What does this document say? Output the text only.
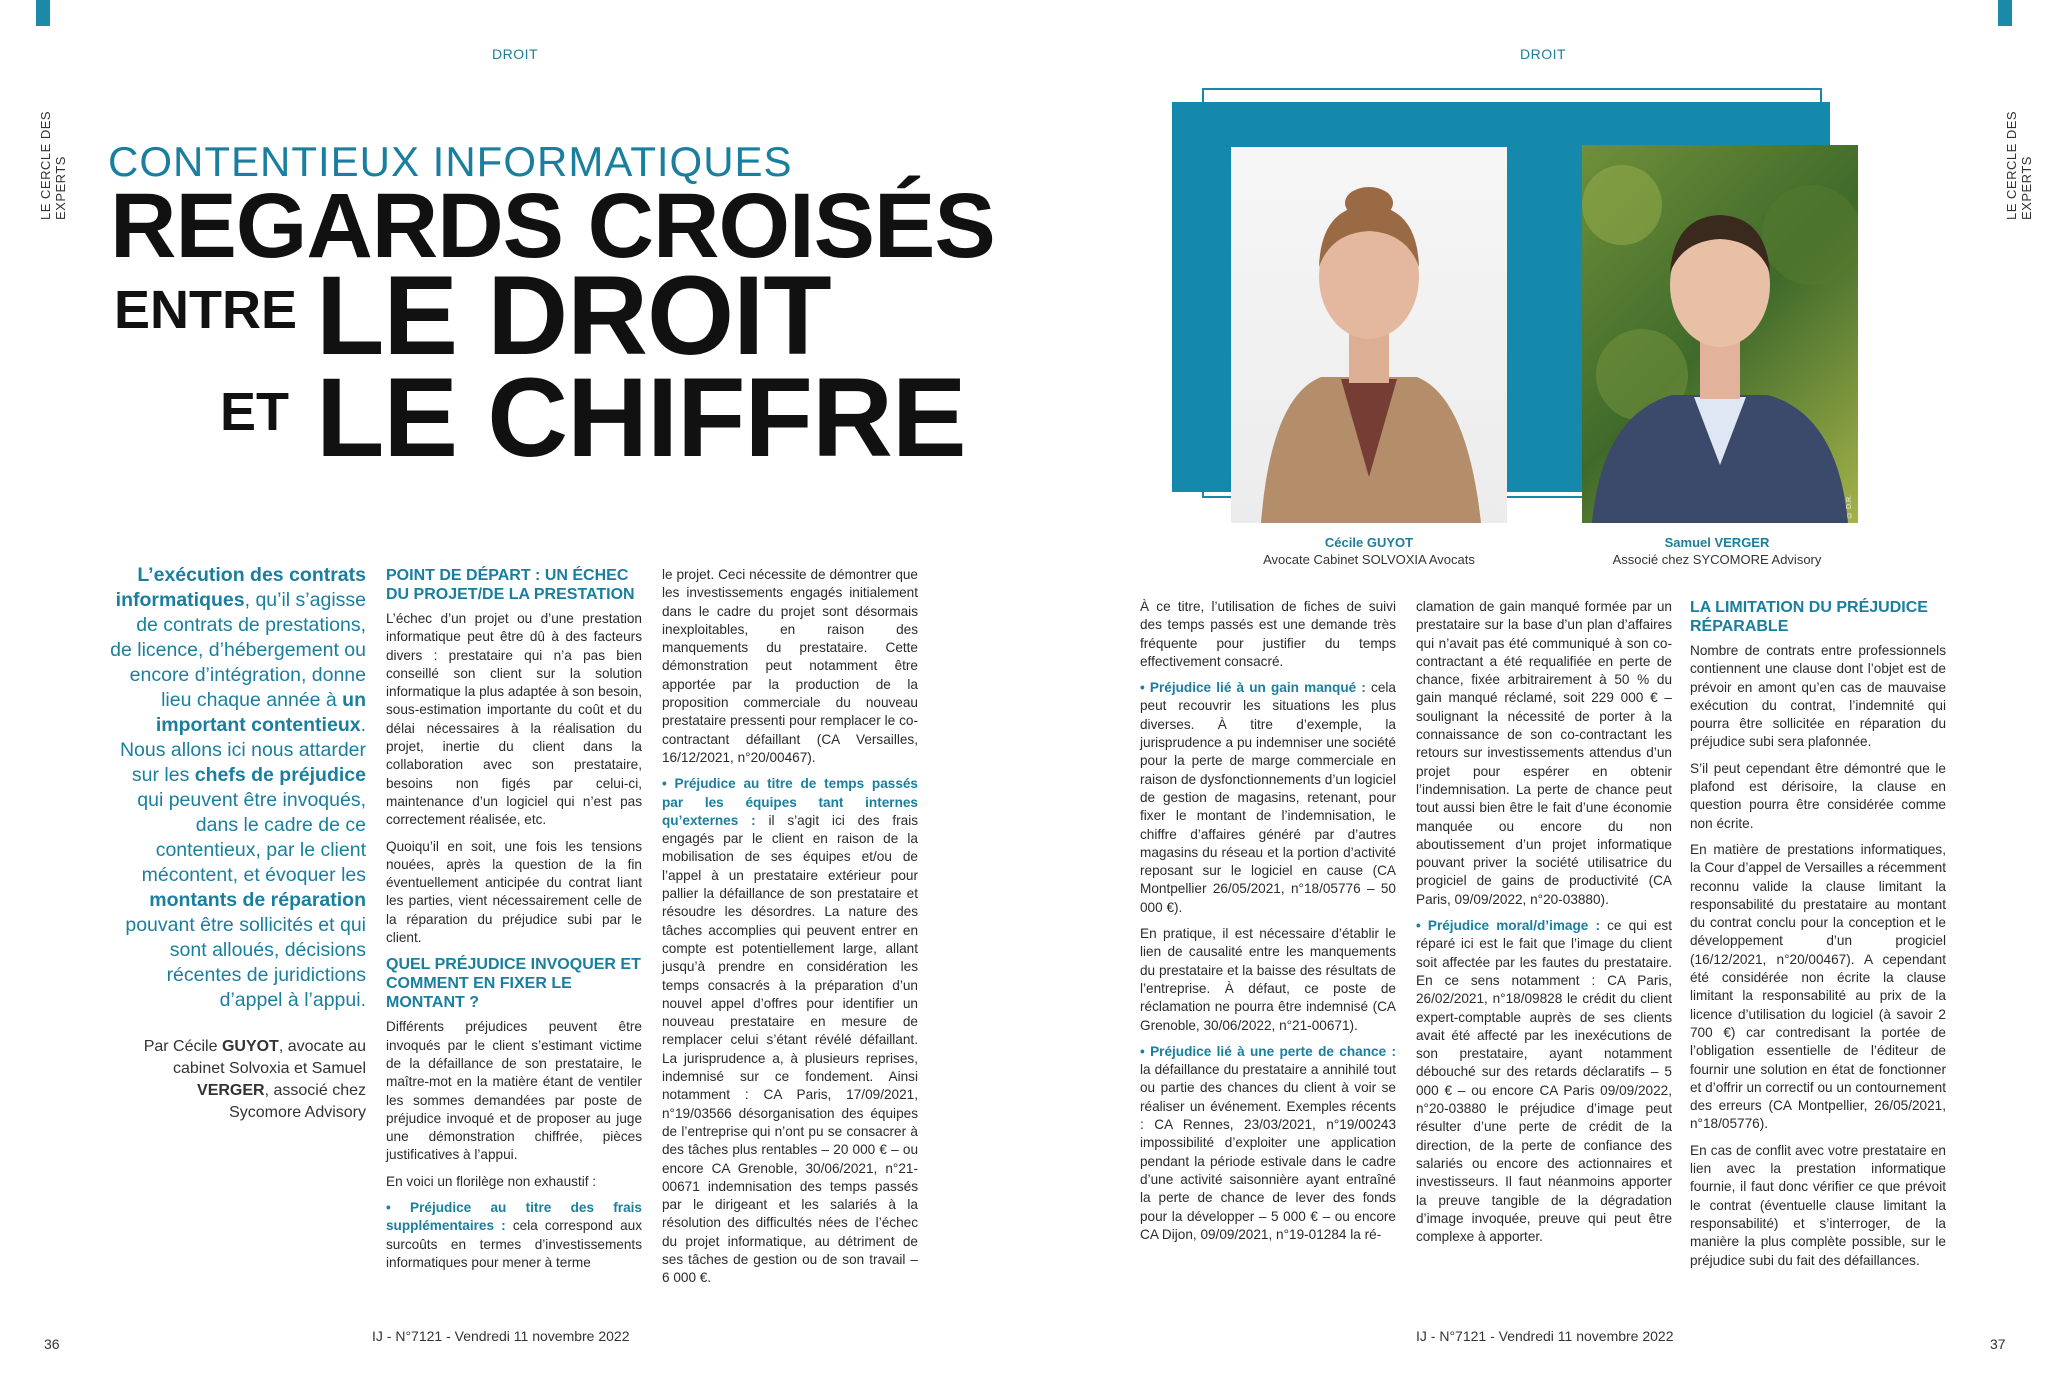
DROIT	DROIT
LE CERCLE DES EXPERTS	LE CERCLE DES EXPERTS
CONTENTIEUX INFORMATIQUES
REGARDS CROISÉS
ENTRE LE DROIT
ET LE CHIFFRE
L’exécution des contrats informatiques, qu’il s’agisse de contrats de prestations, de licence, d’hébergement ou encore d’intégration, donne lieu chaque année à un important contentieux. Nous allons ici nous attarder sur les chefs de préjudice qui peuvent être invoqués, dans le cadre de ce contentieux, par le client mécontent, et évoquer les montants de réparation pouvant être sollicités et qui sont alloués, décisions récentes de juridictions d’appel à l’appui.
Par Cécile GUYOT, avocate au cabinet Solvoxia et Samuel VERGER, associé chez Sycomore Advisory
POINT DE DÉPART : UN ÉCHEC DU PROJET/DE LA PRESTATION

L’échec d’un projet ou d’une prestation informatique peut être dû à des facteurs divers : prestataire qui n’a pas bien conseillé son client sur la solution informatique la plus adaptée à son besoin, sous-estimation importante du coût et du délai nécessaires à la réalisation du projet, inertie du client dans la collaboration avec son prestataire, besoins non figés par celui-ci, maintenance d’un logiciel qui n’est pas correctement réalisée, etc.

Quoiqu’il en soit, une fois les tensions nouées, après la question de la fin éventuellement anticipée du contrat liant les parties, vient nécessairement celle de la réparation du préjudice subi par le client.

QUEL PRÉJUDICE INVOQUER ET COMMENT EN FIXER LE MONTANT ?

Différents préjudices peuvent être invoqués par le client s’estimant victime de la défaillance de son prestataire, le maître-mot en la matière étant de ventiler les sommes demandées par poste de préjudice invoqué et de proposer au juge une démonstration chiffrée, pièces justificatives à l’appui.

En voici un florilège non exhaustif :

• Préjudice au titre des frais supplémentaires : cela correspond aux surcoûts en termes d’investissements informatiques pour mener à terme

le projet. Ceci nécessite de démontrer que les investissements engagés initialement dans le cadre du projet sont désormais inexploitables, en raison des manquements du prestataire. Cette démonstration peut notamment être apportée par la production de la proposition commerciale du nouveau prestataire pressenti pour remplacer le co-contractant défaillant (CA Versailles, 16/12/2021, n°20/00467).

• Préjudice au titre de temps passés par les équipes tant internes qu’externes : il s’agit ici des frais engagés par le client en raison de la mobilisation de ses équipes et/ou de l’appel à un prestataire extérieur pour pallier la défaillance de son prestataire et résoudre les désordres. La nature des tâches accomplies qui peuvent entrer en compte est potentiellement large, allant jusqu’à prendre en considération les temps consacrés à la préparation d’un nouvel appel d’offres pour identifier un nouveau prestataire en mesure de remplacer celui s’étant révélé défaillant. La jurisprudence a, à plusieurs reprises, indemnisé sur ce fondement. Ainsi notamment : CA Paris, 17/09/2021, n°19/03566 désorganisation des équipes de l’entreprise qui n’ont pu se consacrer à des tâches plus rentables – 20 000 € – ou encore CA Grenoble, 30/06/2021, n°21-00671 indemnisation des temps passés par le dirigeant et les salariés à la résolution des difficultés nées de l’échec du projet informatique, au détriment de ses tâches de gestion ou de son travail – 6 000 €.

À ce titre, l’utilisation de fiches de suivi des temps passés est une demande très fréquente pour justifier du temps effectivement consacré.

• Préjudice lié à un gain manqué : cela peut recouvrir les situations les plus diverses. À titre d’exemple, la jurisprudence a pu indemniser une société pour la perte de marge commerciale en raison de dysfonctionnements d’un logiciel de gestion de magasins, retenant, pour fixer le montant de l’indemnisation, le chiffre d’affaires généré par d’autres magasins du réseau et la portion d’activité reposant sur le logiciel en cause (CA Montpellier 26/05/2021, n°18/05776 – 50 000 €).

En pratique, il est nécessaire d’établir le lien de causalité entre les manquements du prestataire et la baisse des résultats de l’entreprise. À défaut, ce poste de réclamation ne pourra être indemnisé (CA Grenoble, 30/06/2022, n°21-00671).

• Préjudice lié à une perte de chance : la défaillance du prestataire a annihilé tout ou partie des chances du client à voir se réaliser un événement. Exemples récents : CA Rennes, 23/03/2021, n°19/00243 impossibilité d’exploiter une application pendant la période estivale dans le cadre d’une activité saisonnière ayant entraîné la perte de chance de lever des fonds pour la développer – 5 000 € – ou encore CA Dijon, 09/09/2021, n°19-01284 la ré-

clamation de gain manqué formée par un prestataire sur la base d’un plan d’affaires qui n’avait pas été communiqué à son co-contractant a été requalifiée en perte de chance, fixée arbitrairement à 50 % du gain manqué réclamé, soit 229 000 € – soulignant la nécessité de porter à la connaissance de son co-contractant les retours sur investissements attendus d’un projet pour espérer en obtenir l’indemnisation. La perte de chance peut tout aussi bien être le fait d’une économie manquée ou encore du non aboutissement d’un projet informatique pouvant priver la société utilisatrice du progiciel de gains de productivité (CA Paris, 09/09/2022, n°20-03880).

• Préjudice moral/d’image : ce qui est réparé ici est le fait que l’image du client soit affectée par les fautes du prestataire. En ce sens notamment : CA Paris, 26/02/2021, n°18/09828 le crédit du client expert-comptable auprès de ses clients avait été affecté par les inexécutions de son prestataire, ayant notamment débouché sur des retards déclaratifs – 5 000 € – ou encore CA Paris 09/09/2022, n°20-03880 le préjudice d’image peut résulter d’une perte de crédit de la direction, de la perte de confiance des salariés ou encore des actionnaires et investisseurs. Il faut néanmoins apporter la preuve tangible de la dégradation d’image invoquée, preuve qui peut être complexe à apporter.

LA LIMITATION DU PRÉJUDICE RÉPARABLE

Nombre de contrats entre professionnels contiennent une clause dont l’objet est de prévoir en amont qu’en cas de mauvaise exécution du contrat, l’indemnité qui pourra être sollicitée en réparation du préjudice subi sera plafonnée.

S’il peut cependant être démontré que le plafond est dérisoire, la clause en question pourra être considérée comme non écrite.

En matière de prestations informatiques, la Cour d’appel de Versailles a récemment reconnu valide la clause limitant la responsabilité du prestataire au montant du contrat conclu pour la conception et le développement d’un progiciel (16/12/2021, n°20/00467). A cependant été considérée non écrite la clause limitant la responsabilité au prix de la licence d’utilisation du logiciel (à savoir 2 700 €) car contredisant la portée de l’obligation essentielle de l’éditeur de fournir une solution en état de fonctionner et d’offrir un correctif ou un contournement des erreurs (CA Montpellier, 26/05/2021, n°18/05776).

En cas de conflit avec votre prestataire en lien avec la prestation informatique fournie, il faut donc vérifier ce que prévoit le contrat (éventuelle clause limitant la responsabilité) et s’interroger, de la manière la plus complète possible, sur le préjudice subi du fait des défaillances.

© D.R.	© D.R.
Cécile GUYOT
Avocate Cabinet SOLVOXIA Avocats
Samuel VERGER
Associé chez SYCOMORE Advisory
36	IJ - N°7121 - Vendredi 11 novembre 2022	IJ - N°7121 - Vendredi 11 novembre 2022	37
